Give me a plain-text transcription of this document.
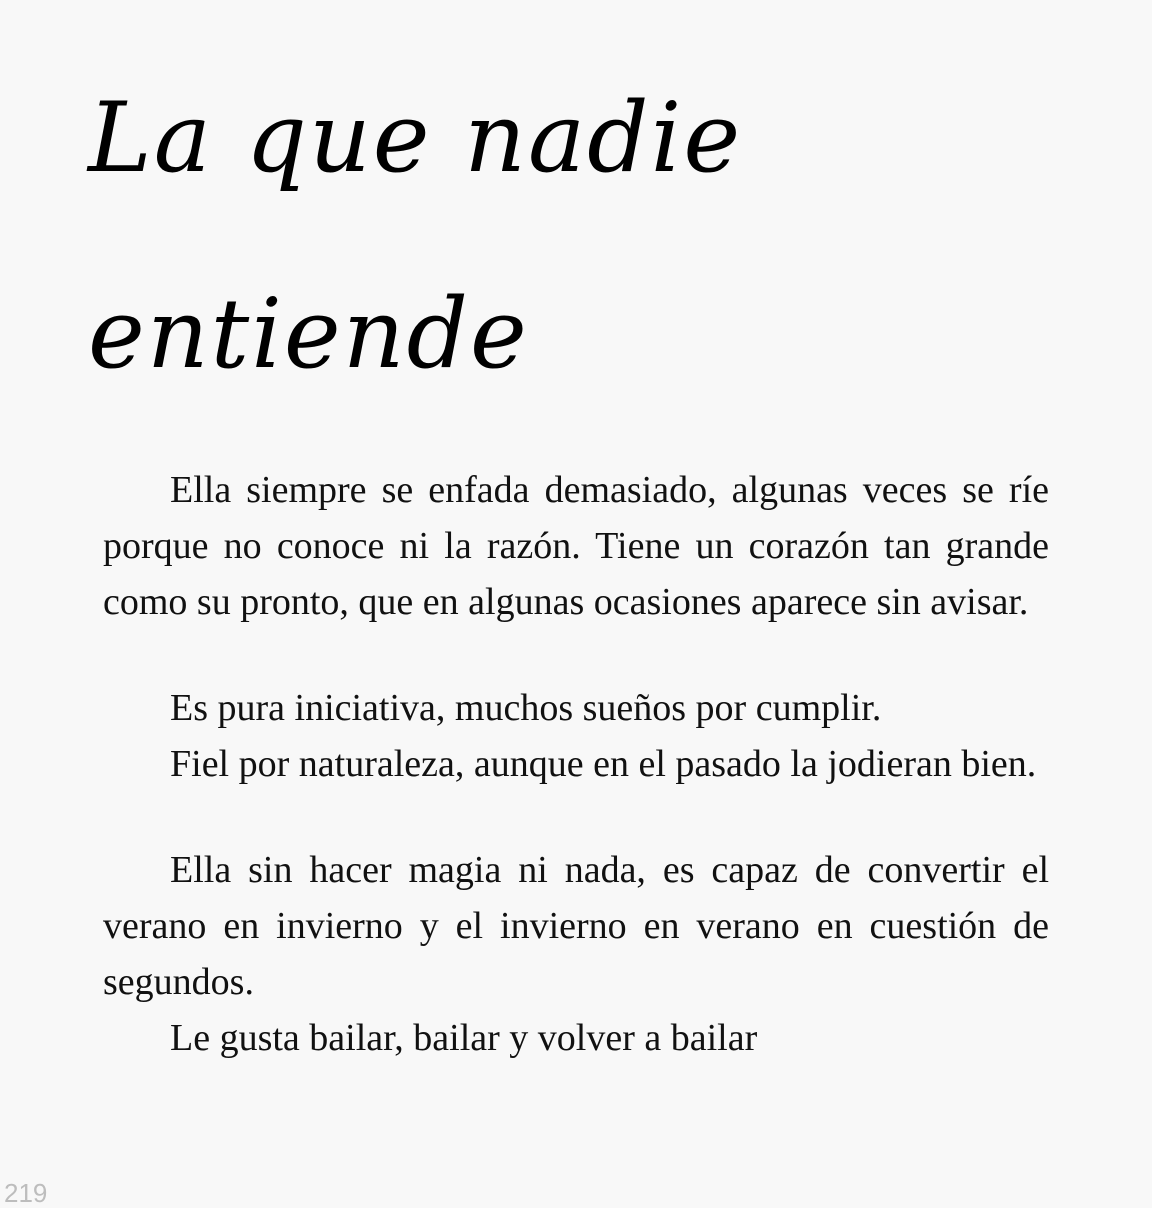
La que nadie
entiende

Ella siempre se enfada demasiado, algunas veces se ríe porque no conoce ni la razón. Tiene un corazón tan grande como su pronto, que en algunas ocasiones aparece sin avisar.

Es pura iniciativa, muchos sueños por cumplir.

Fiel por naturaleza, aunque en el pasado la jodieran bien.

Ella sin hacer magia ni nada, es capaz de convertir el verano en invierno y el invierno en verano en cuestión de segundos.

Le gusta bailar, bailar y volver a bailar

219
